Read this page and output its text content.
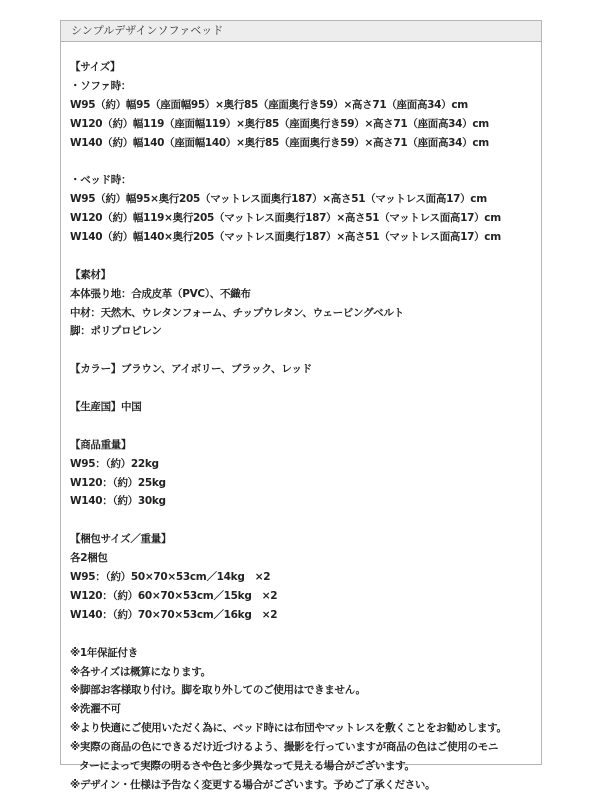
シンプルデザインソファベッド
【サイズ】
・ソファ時：
W95（約）幅95（座面幅95）×奥行85（座面奥行き59）×高さ71（座面高34）cm
W120（約）幅119（座面幅119）×奥行85（座面奥行き59）×高さ71（座面高34）cm
W140（約）幅140（座面幅140）×奥行85（座面奥行き59）×高さ71（座面高34）cm
・ベッド時：
W95（約）幅95×奥行205（マットレス面奥行187）×高さ51（マットレス面高17）cm
W120（約）幅119×奥行205（マットレス面奥行187）×高さ51（マットレス面高17）cm
W140（約）幅140×奥行205（マットレス面奥行187）×高さ51（マットレス面高17）cm
【素材】
本体張り地：合成皮革（PVC）、不織布
中材：天然木、ウレタンフォーム、チップウレタン、ウェービングベルト
脚：ポリプロピレン
【カラー】ブラウン、アイボリー、ブラック、レッド
【生産国】中国
【商品重量】
W95：（約）22kg
W120：（約）25kg
W140：（約）30kg
【梱包サイズ／重量】
各2梱包
W95：（約）50×70×53cm／14kg　×2
W120：（約）60×70×53cm／15kg　×2
W140：（約）70×70×53cm／16kg　×2
※1年保証付き
※各サイズは概算になります。
※脚部お客様取り付け。脚を取り外してのご使用はできません。
※洗濯不可
※より快適にご使用いただく為に、ベッド時には布団やマットレスを敷くことをお勧めします。
※実際の商品の色にできるだけ近づけるよう、撮影を行っていますが商品の色はご使用のモニ
ターによって実際の明るさや色と多少異なって見える場合がございます。
※デザイン・仕様は予告なく変更する場合がございます。予めご了承ください。
